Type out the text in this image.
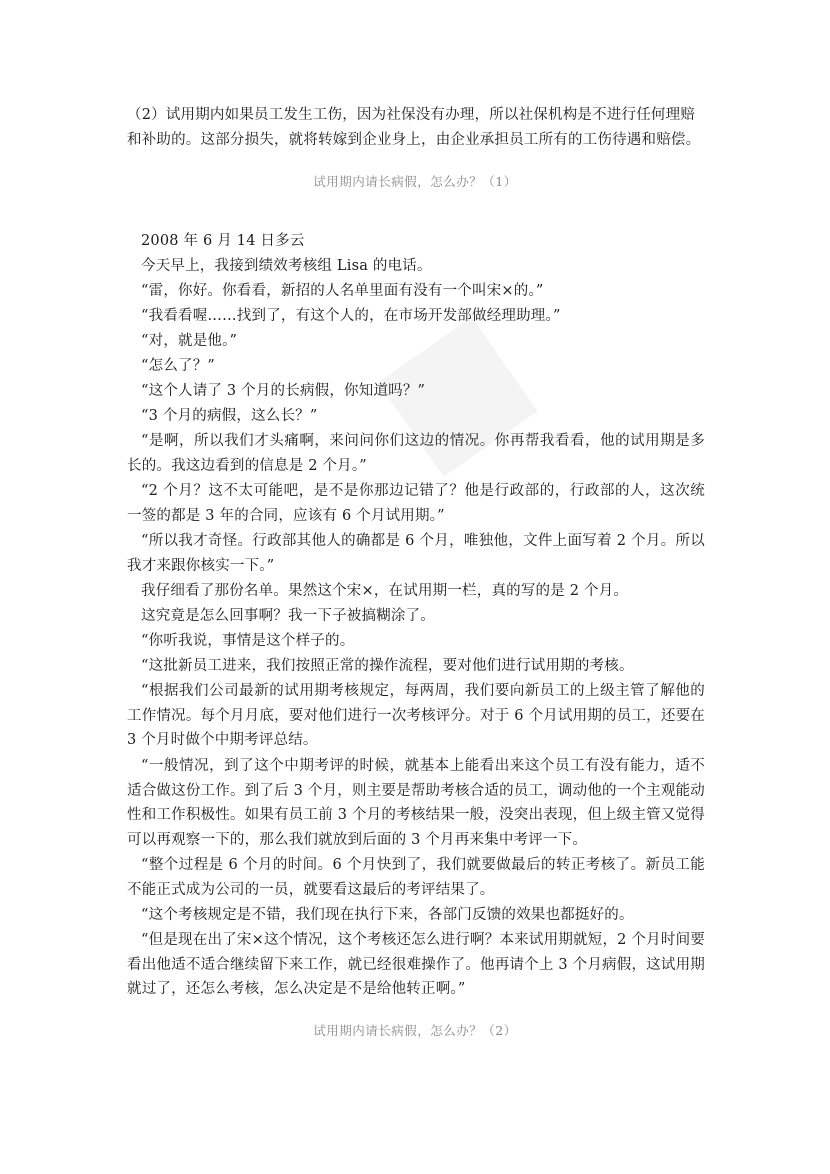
（2）试用期内如果员工发生工伤，因为社保没有办理，所以社保机构是不进行任何理赔

和补助的。这部分损失，就将转嫁到企业身上，由企业承担员工所有的工伤待遇和赔偿。

试用期内请长病假，怎么办？（1）

2008 年 6 月 14 日多云

今天早上，我接到绩效考核组 Lisa 的电话。

“雷，你好。你看看，新招的人名单里面有没有一个叫宋×的。”

“我看看喔……找到了，有这个人的，在市场开发部做经理助理。”

“对，就是他。”

“怎么了？”

“这个人请了 3 个月的长病假，你知道吗？”

“3 个月的病假，这么长？”

“是啊，所以我们才头痛啊，来问问你们这边的情况。你再帮我看看，他的试用期是多长的。我这边看到的信息是 2 个月。”

“2 个月？这不太可能吧，是不是你那边记错了？他是行政部的，行政部的人，这次统一签的都是 3 年的合同，应该有 6 个月试用期。”

“所以我才奇怪。行政部其他人的确都是 6 个月，唯独他，文件上面写着 2 个月。所以我才来跟你核实一下。”

我仔细看了那份名单。果然这个宋×，在试用期一栏，真的写的是 2 个月。

这究竟是怎么回事啊？我一下子被搞糊涂了。

“你听我说，事情是这个样子的。

“这批新员工进来，我们按照正常的操作流程，要对他们进行试用期的考核。

“根据我们公司最新的试用期考核规定，每两周，我们要向新员工的上级主管了解他的工作情况。每个月月底，要对他们进行一次考核评分。对于 6 个月试用期的员工，还要在 3 个月时做个中期考评总结。

“一般情况，到了这个中期考评的时候，就基本上能看出来这个员工有没有能力，适不适合做这份工作。到了后 3 个月，则主要是帮助考核合适的员工，调动他的一个主观能动性和工作积极性。如果有员工前 3 个月的考核结果一般，没突出表现，但上级主管又觉得可以再观察一下的，那么我们就放到后面的 3 个月再来集中考评一下。

“整个过程是 6 个月的时间。6 个月快到了，我们就要做最后的转正考核了。新员工能不能正式成为公司的一员，就要看这最后的考评结果了。

“这个考核规定是不错，我们现在执行下来，各部门反馈的效果也都挺好的。

“但是现在出了宋×这个情况，这个考核还怎么进行啊？本来试用期就短，2 个月时间要看出他适不适合继续留下来工作，就已经很难操作了。他再请个上 3 个月病假，这试用期就过了，还怎么考核，怎么决定是不是给他转正啊。”

试用期内请长病假，怎么办？（2）
